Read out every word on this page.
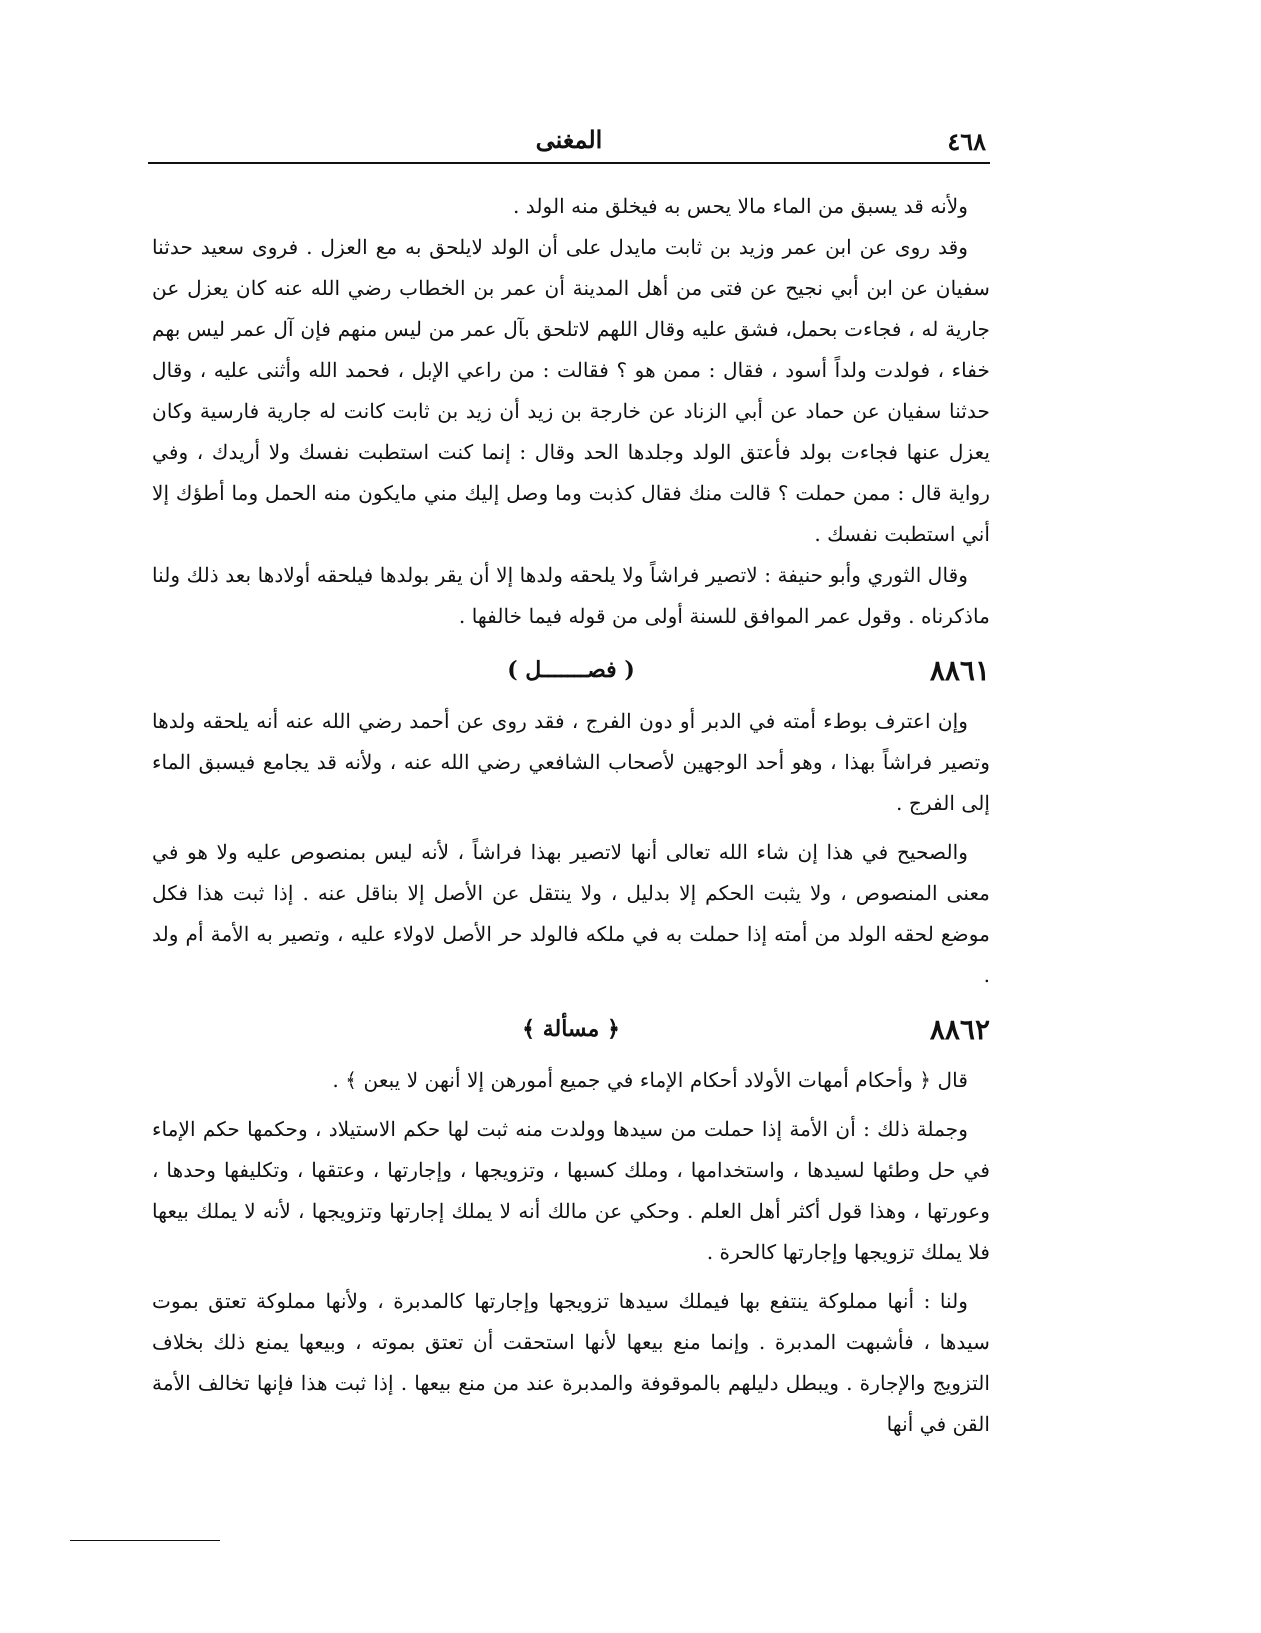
٤٦٨
المغنى

ولأنه قد يسبق من الماء مالا يحس به فيخلق منه الولد .

وقد روى عن ابن عمر وزيد بن ثابت مايدل على أن الولد لايلحق به مع العزل . فروى سعيد حدثنا سفيان عن ابن أبي نجيح عن فتى من أهل المدينة أن عمر بن الخطاب رضي الله عنه كان يعزل عن جارية له ، فجاءت بحمل، فشق عليه وقال اللهم لاتلحق بآل عمر من ليس منهم فإن آل عمر ليس بهم خفاء ، فولدت ولداً أسود ، فقال : ممن هو ؟ فقالت : من راعي الإبل ، فحمد الله وأثنى عليه ، وقال حدثنا سفيان عن حماد عن أبي الزناد عن خارجة بن زيد أن زيد بن ثابت كانت له جارية فارسية وكان يعزل عنها فجاءت بولد فأعتق الولد وجلدها الحد وقال : إنما كنت استطبت نفسك ولا أريدك ، وفي رواية قال : ممن حملت ؟ قالت منك فقال كذبت وما وصل إليك مني مايكون منه الحمل وما أطؤك إلا أني استطبت نفسك .

وقال الثوري وأبو حنيفة : لاتصير فراشاً ولا يلحقه ولدها إلا أن يقر بولدها فيلحقه أولادها بعد ذلك ولنا ماذكرناه . وقول عمر الموافق للسنة أولى من قوله فيما خالفها .

٨٨٦١
( فصـــــــل )

وإن اعترف بوطء أمته في الدبر أو دون الفرج ، فقد روى عن أحمد رضي الله عنه أنه يلحقه ولدها وتصير فراشاً بهذا ، وهو أحد الوجهين لأصحاب الشافعي رضي الله عنه ، ولأنه قد يجامع فيسبق الماء إلى الفرج .

والصحيح في هذا إن شاء الله تعالى أنها لاتصير بهذا فراشاً ، لأنه ليس بمنصوص عليه ولا هو في معنى المنصوص ، ولا يثبت الحكم إلا بدليل ، ولا ينتقل عن الأصل إلا بناقل عنه . إذا ثبت هذا فكل موضع لحقه الولد من أمته إذا حملت به في ملكه فالولد حر الأصل لاولاء عليه ، وتصير به الأمة أم ولد .

٨٨٦٢
﴿ مسألة ﴾

قال ﴿ وأحكام أمهات الأولاد أحكام الإماء في جميع أمورهن إلا أنهن لا يبعن ﴾ .

وجملة ذلك : أن الأمة إذا حملت من سيدها وولدت منه ثبت لها حكم الاستيلاد ، وحكمها حكم الإماء في حل وطئها لسيدها ، واستخدامها ، وملك كسبها ، وتزويجها ، وإجارتها ، وعتقها ، وتكليفها وحدها ، وعورتها ، وهذا قول أكثر أهل العلم . وحكي عن مالك أنه لا يملك إجارتها وتزويجها ، لأنه لا يملك بيعها فلا يملك تزويجها وإجارتها كالحرة .

ولنا : أنها مملوكة ينتفع بها فيملك سيدها تزويجها وإجارتها كالمدبرة ، ولأنها مملوكة تعتق بموت سيدها ، فأشبهت المدبرة . وإنما منع بيعها لأنها استحقت أن تعتق بموته ، وبيعها يمنع ذلك بخلاف التزويج والإجارة . ويبطل دليلهم بالموقوفة والمدبرة عند من منع بيعها . إذا ثبت هذا فإنها تخالف الأمة القن في أنها
